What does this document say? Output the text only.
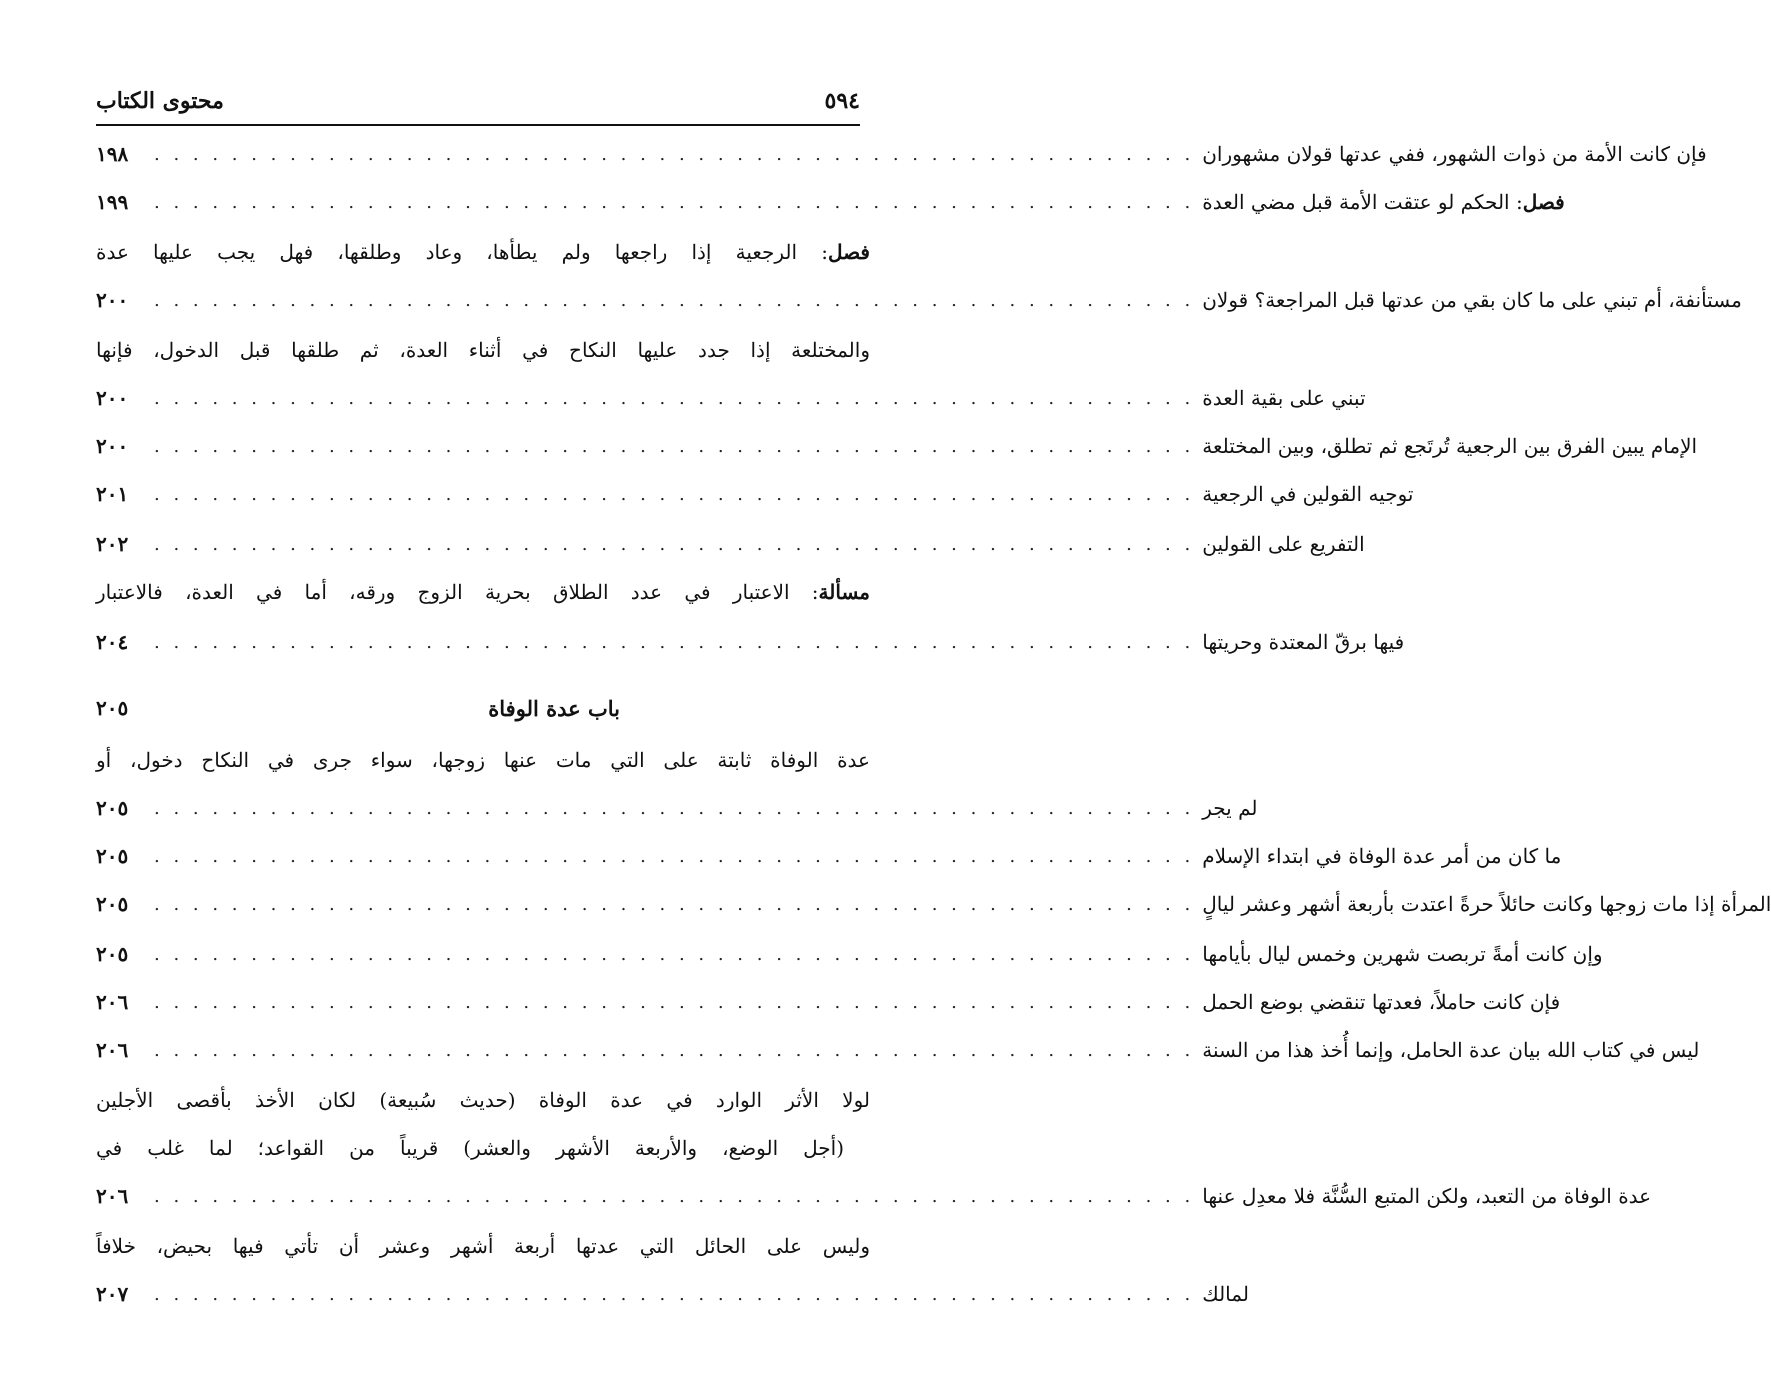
٥٩٤
محتوى الكتاب
١٩٨	. . . . . . . . . . . . . . . . . . . . . . . . . . . . . . . . . . . . . . . . . . . . . . . . . . . . . . فإن كانت الأمة من ذوات الشهور، ففي عدتها قولان مشهوران
١٩٩	. . . . . . . . . . . . . . . . . . . . . . . . . . . . . . . . . . . . . . . . . . . . . . . . . . . . . .	فصل: الحكم لو عتقت الأمة قبل مضي العدة
فصل: الرجعية إذا راجعها ولم يطأها، وعاد وطلقها، فهل يجب عليها عدة
٢٠٠	. . . . . . . . . . . . . . . . . . . . . . . . . . . . . . . . . . . . . . . . . . . . . . . . . . . . . . مستأنفة، أم تبني على ما كان بقي من عدتها قبل المراجعة؟ قولان
والمختلعة إذا جدد عليها النكاح في أثناء العدة، ثم طلقها قبل الدخول، فإنها
٢٠٠	. . . . . . . . . . . . . . . . . . . . . . . . . . . . . . . . . . . . . . . . . . . . . . . . . . . . . . تبني على بقية العدة
٢٠٠	. . . . . . . . . . . . . . . . . . . . . . . . . . . . . . . . . . . . . . . . . . . . . . . . . . . . . . الإمام يبين الفرق بين الرجعية تُرتَجع ثم تطلق، وبين المختلعة
٢٠١	. . . . . . . . . . . . . . . . . . . . . . . . . . . . . . . . . . . . . . . . . . . . . . . . . . . . . . توجيه القولين في الرجعية
٢٠٢	. . . . . . . . . . . . . . . . . . . . . . . . . . . . . . . . . . . . . . . . . . . . . . . . . . . . . . التفريع على القولين
مسألة: الاعتبار في عدد الطلاق بحرية الزوج ورقه، أما في العدة، فالاعتبار
٢٠٤	. . . . . . . . . . . . . . . . . . . . . . . . . . . . . . . . . . . . . . . . . . . . . . . . . . . . . . فيها برقّ المعتدة وحريتها
٢٠٥	باب عدة الوفاة
عدة الوفاة ثابتة على التي مات عنها زوجها، سواء جرى في النكاح دخول، أو
٢٠٥	. . . . . . . . . . . . . . . . . . . . . . . . . . . . . . . . . . . . . . . . . . . . . . . . . . . . . . لم يجر
٢٠٥	. . . . . . . . . . . . . . . . . . . . . . . . . . . . . . . . . . . . . . . . . . . . . . . . . . . . . . ما كان من أمر عدة الوفاة في ابتداء الإسلام
٢٠٥	. . . . . . . . . . . . . . . . . . . . . . . . . . . . . . . . . . . . . . . . . . . . . . . . . . . . . . المرأة إذا مات زوجها وكانت حائلاً حرةً اعتدت بأربعة أشهر وعشر ليالٍ
٢٠٥	. . . . . . . . . . . . . . . . . . . . . . . . . . . . . . . . . . . . . . . . . . . . . . . . . . . . . . وإن كانت أمةً تربصت شهرين وخمس ليال بأيامها
٢٠٦	. . . . . . . . . . . . . . . . . . . . . . . . . . . . . . . . . . . . . . . . . . . . . . . . . . . . . . فإن كانت حاملاً، فعدتها تنقضي بوضع الحمل
٢٠٦	. . . . . . . . . . . . . . . . . . . . . . . . . . . . . . . . . . . . . . . . . . . . . . . . . . . . . . ليس في كتاب الله بيان عدة الحامل، وإنما أُخذ هذا من السنة
لولا الأثر الوارد في عدة الوفاة (حديث سُبيعة) لكان الأخذ بأقصى الأجلين
(أجل الوضع، والأربعة الأشهر والعشر) قريباً من القواعد؛ لما غلب في
٢٠٦	. . . . . . . . . . . . . . . . . . . . . . . . . . . . . . . . . . . . . . . . . . . . . . . . . . . . . . عدة الوفاة من التعبد، ولكن المتبع السُّنَّة فلا معدِل عنها
وليس على الحائل التي عدتها أربعة أشهر وعشر أن تأتي فيها بحيض، خلافاً
٢٠٧	. . . . . . . . . . . . . . . . . . . . . . . . . . . . . . . . . . . . . . . . . . . . . . . . . . . . . . لمالك
